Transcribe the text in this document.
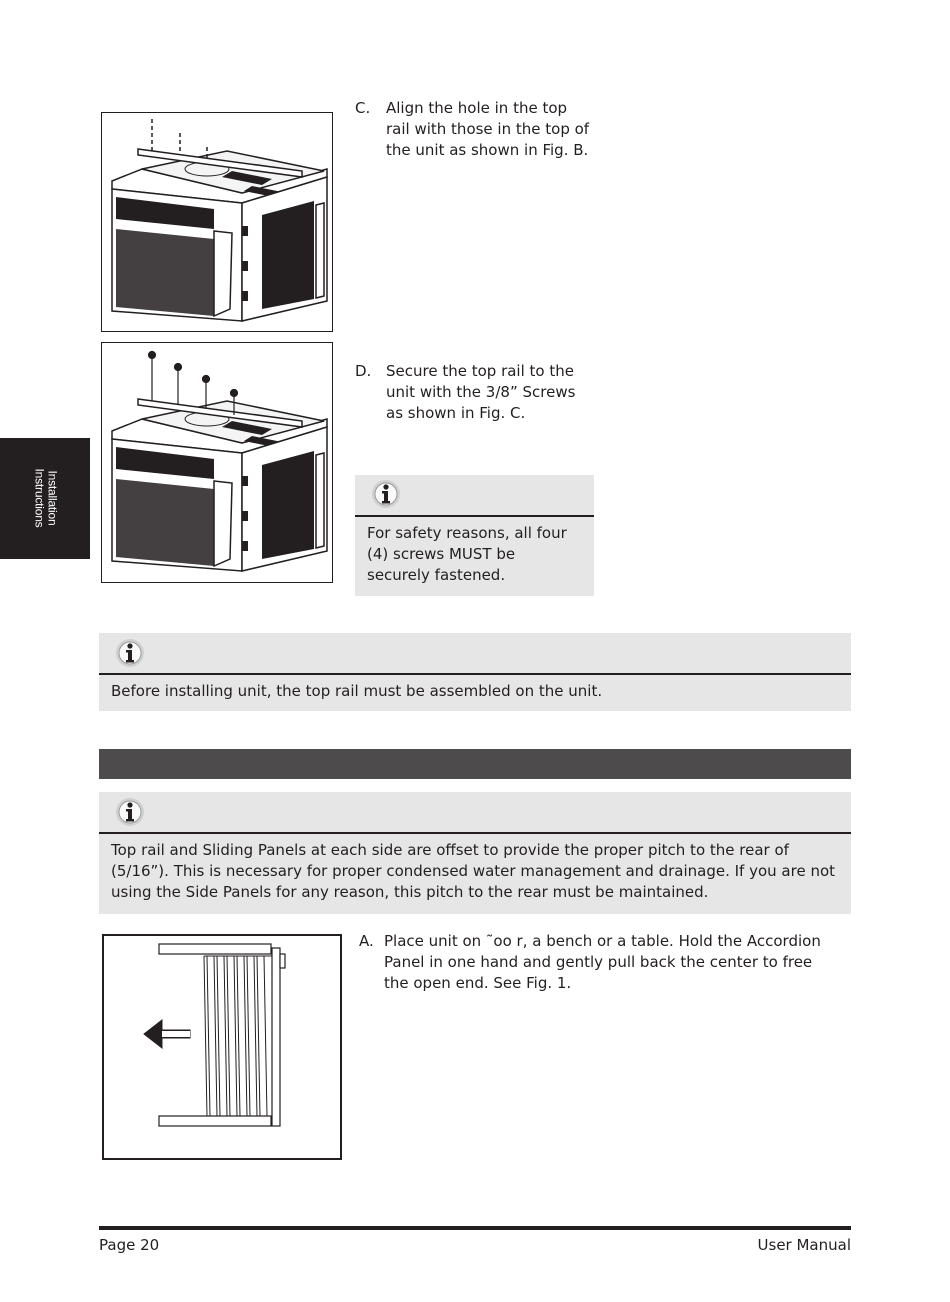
Installation
Instructions
C.	Align the hole in the top rail with those in the top of the unit as shown in Fig. B.
D. Secure the top rail to the unit with the 3/8” Screws as shown in Fig. C.
For safety reasons, all four (4) screws MUST be securely fastened.
Before installing unit, the top rail must be assembled on the unit.
Top rail and Sliding Panels at each side are offset to provide the proper pitch to the rear of (5/16”). This is necessary for proper condensed water management and drainage. If you are not using the Side Panels for any reason, this pitch to the rear must be maintained.
A. Place unit on ˜oo r, a bench or a table. Hold the Accordion Panel in one hand and gently pull back the center to free the open end. See Fig. 1.
Page 20	User Manual
